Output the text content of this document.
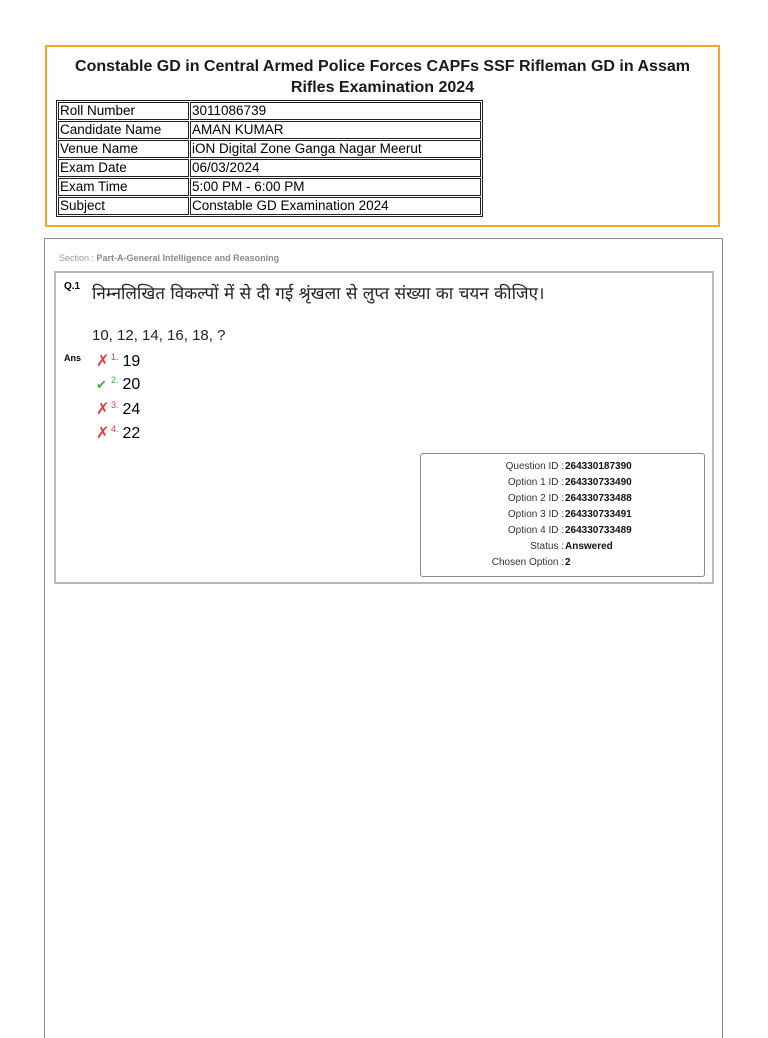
Constable GD in Central Armed Police Forces CAPFs SSF Rifleman GD in Assam
Rifles Examination 2024
Roll Number	3011086739
Candidate Name	AMAN KUMAR
Venue Name	iON Digital Zone Ganga Nagar Meerut
Exam Date	06/03/2024
Exam Time	5:00 PM - 6:00 PM
Subject	Constable GD Examination 2024
Section : Part-A-General Intelligence and Reasoning
Q.1 निम्नलिखित विकल्पों में से दी गई श्रृंखला से लुप्त संख्या का चयन कीजिए।
10, 12, 14, 16, 18, ?
Ans ✗ $^{1.}$ 19
✔ $^{2.}$ 20
✗ $^{3.}$ 24
✗ $^{4.}$ 22
Question ID : 264330187390
Option 1 ID : 264330733490
Option 2 ID : 264330733488
Option 3 ID : 264330733491
Option 4 ID : 264330733489
Status : Answered
Chosen Option : 2
